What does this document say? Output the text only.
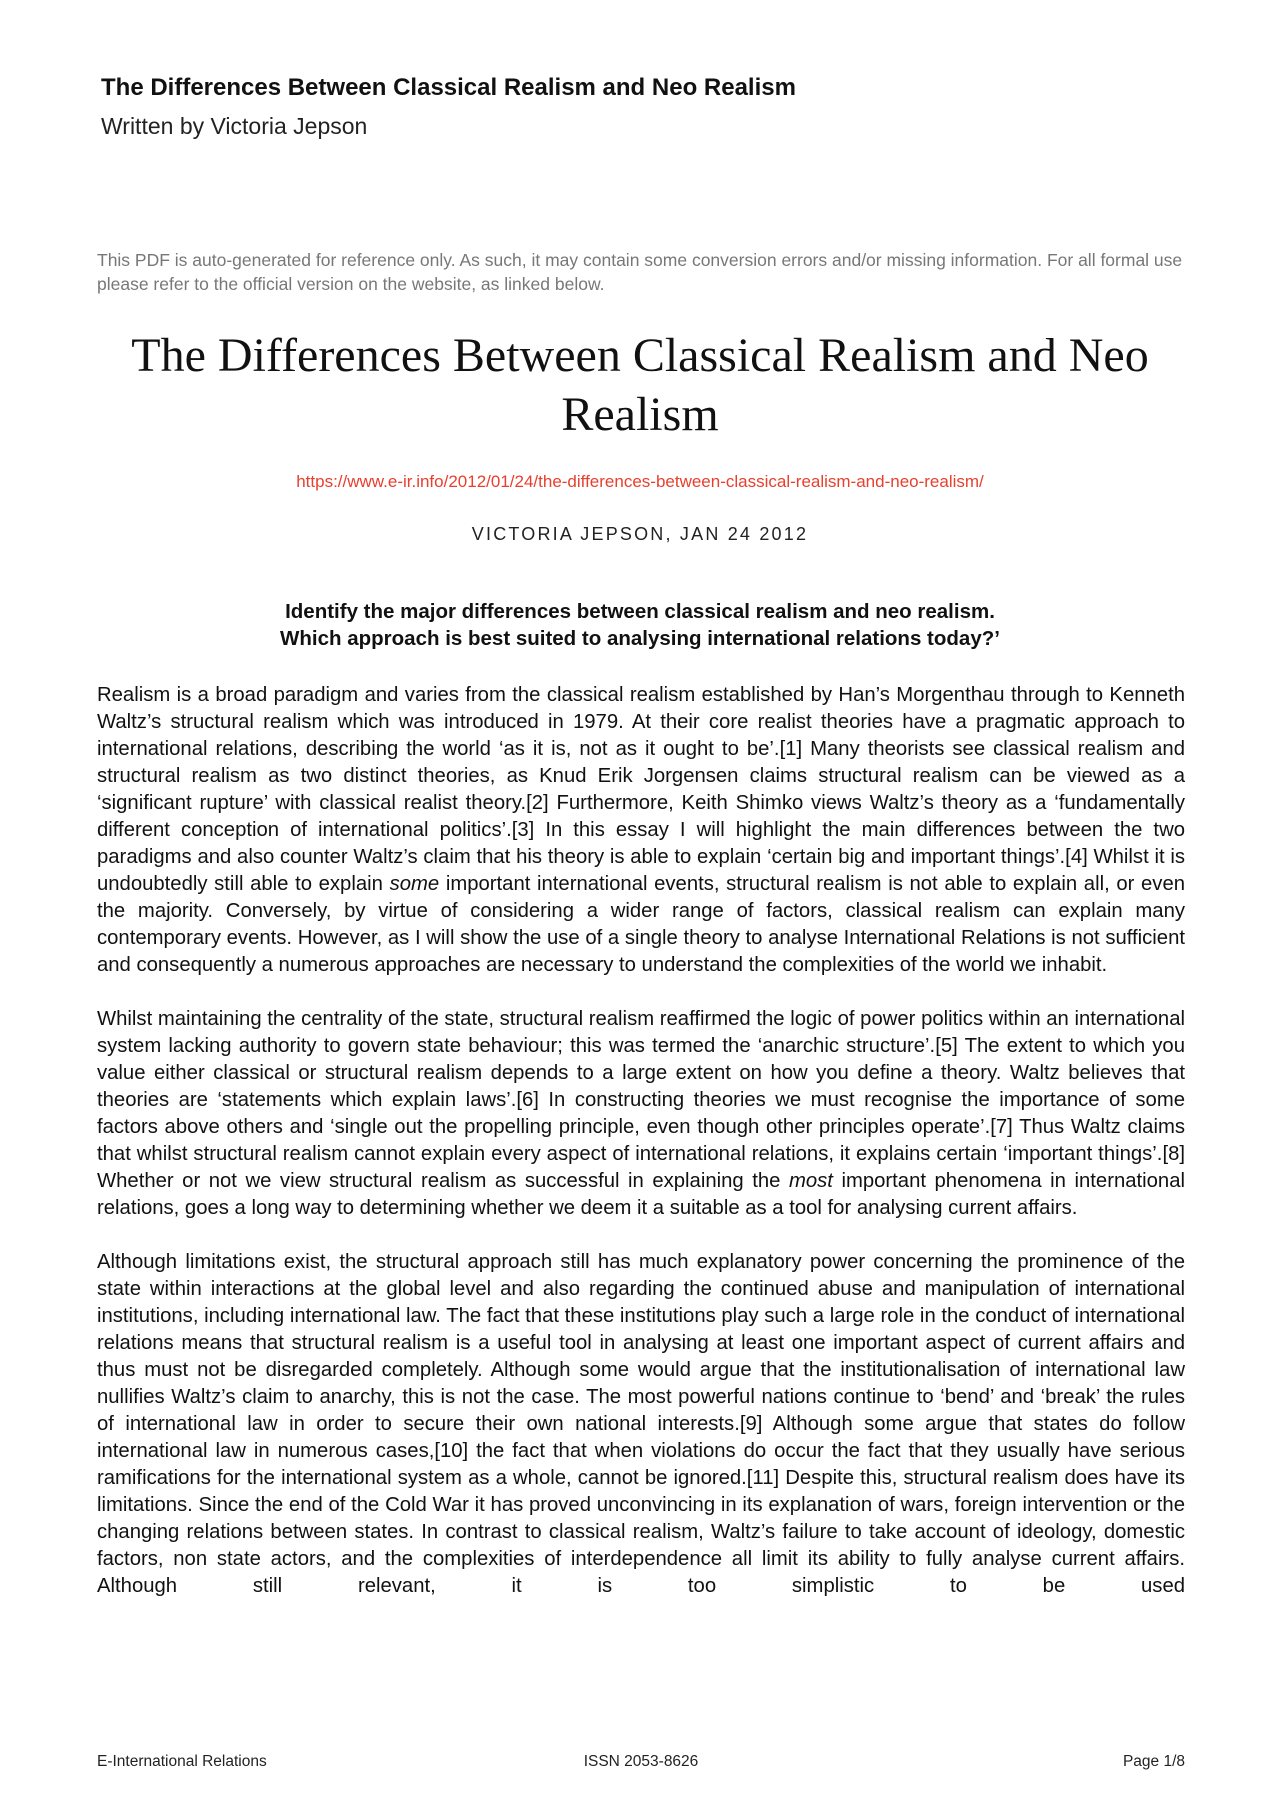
The Differences Between Classical Realism and Neo Realism
Written by Victoria Jepson
This PDF is auto-generated for reference only. As such, it may contain some conversion errors and/or missing information. For all formal use please refer to the official version on the website, as linked below.
The Differences Between Classical Realism and Neo Realism
https://www.e-ir.info/2012/01/24/the-differences-between-classical-realism-and-neo-realism/
VICTORIA JEPSON, JAN 24 2012
Identify the major differences between classical realism and neo realism.
Which approach is best suited to analysing international relations today?’

Realism is a broad paradigm and varies from the classical realism established by Han’s Morgenthau through to Kenneth Waltz’s structural realism which was introduced in 1979. At their core realist theories have a pragmatic approach to international relations, describing the world ‘as it is, not as it ought to be’.[1] Many theorists see classical realism and structural realism as two distinct theories, as Knud Erik Jorgensen claims structural realism can be viewed as a ‘significant rupture’ with classical realist theory.[2] Furthermore, Keith Shimko views Waltz’s theory as a ‘fundamentally different conception of international politics’.[3] In this essay I will highlight the main differences between the two paradigms and also counter Waltz’s claim that his theory is able to explain ‘certain big and important things’.[4] Whilst it is undoubtedly still able to explain some important international events, structural realism is not able to explain all, or even the majority. Conversely, by virtue of considering a wider range of factors, classical realism can explain many contemporary events. However, as I will show the use of a single theory to analyse International Relations is not sufficient and consequently a numerous approaches are necessary to understand the complexities of the world we inhabit.

Whilst maintaining the centrality of the state, structural realism reaffirmed the logic of power politics within an international system lacking authority to govern state behaviour; this was termed the ‘anarchic structure’.[5] The extent to which you value either classical or structural realism depends to a large extent on how you define a theory. Waltz believes that theories are ‘statements which explain laws’.[6] In constructing theories we must recognise the importance of some factors above others and ‘single out the propelling principle, even though other principles operate’.[7] Thus Waltz claims that whilst structural realism cannot explain every aspect of international relations, it explains certain ‘important things’.[8] Whether or not we view structural realism as successful in explaining the most important phenomena in international relations, goes a long way to determining whether we deem it a suitable as a tool for analysing current affairs.

Although limitations exist, the structural approach still has much explanatory power concerning the prominence of the state within interactions at the global level and also regarding the continued abuse and manipulation of international institutions, including international law. The fact that these institutions play such a large role in the conduct of international relations means that structural realism is a useful tool in analysing at least one important aspect of current affairs and thus must not be disregarded completely. Although some would argue that the institutionalisation of international law nullifies Waltz’s claim to anarchy, this is not the case. The most powerful nations continue to ‘bend’ and ‘break’ the rules of international law in order to secure their own national interests.[9] Although some argue that states do follow international law in numerous cases,[10] the fact that when violations do occur the fact that they usually have serious ramifications for the international system as a whole, cannot be ignored.[11] Despite this, structural realism does have its limitations. Since the end of the Cold War it has proved unconvincing in its explanation of wars, foreign intervention or the changing relations between states. In contrast to classical realism, Waltz’s failure to take account of ideology, domestic factors, non state actors, and the complexities of interdependence all limit its ability to fully analyse current affairs. Although still relevant, it is too simplistic to be used

ISSN 2053-8626
E-International Relations	Page 1/8
